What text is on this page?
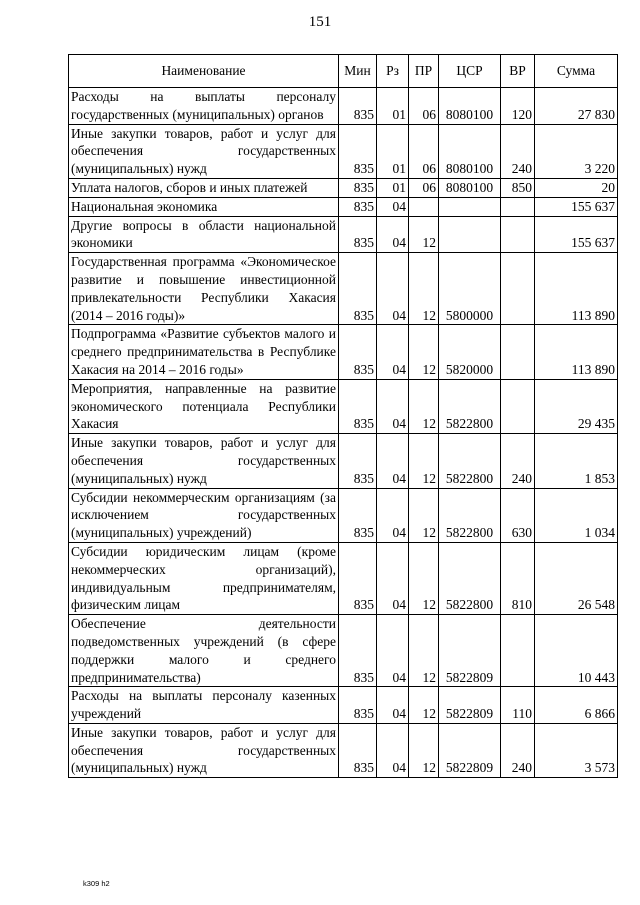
151
Наименование	Мин	Рз	ПР	ЦСР	ВР	Сумма
Расходы на выплаты персоналу государственных (муниципальных) органов	835	01	06	8080100	120	27 830
Иные закупки товаров, работ и услуг для обеспечения государственных (муниципальных) нужд	835	01	06	8080100	240	3 220
Уплата налогов, сборов и иных платежей	835	01	06	8080100	850	20
Национальная экономика	835	04				155 637
Другие вопросы в области национальной экономики	835	04	12			155 637
Государственная программа «Экономическое развитие и повышение инвестиционной привлекательности Республики Хакасия (2014 – 2016 годы)»	835	04	12	5800000		113 890
Подпрограмма «Развитие субъектов малого и среднего предпринимательства в Республике Хакасия на 2014 – 2016 годы»	835	04	12	5820000		113 890
Мероприятия, направленные на развитие экономического потенциала Республики Хакасия	835	04	12	5822800		29 435
Иные закупки товаров, работ и услуг для обеспечения государственных (муниципальных) нужд	835	04	12	5822800	240	1 853
Субсидии некоммерческим организациям (за исключением государственных (муниципальных) учреждений)	835	04	12	5822800	630	1 034
Субсидии юридическим лицам (кроме некоммерческих организаций), индивидуальным предпринимателям, физическим лицам	835	04	12	5822800	810	26 548
Обеспечение деятельности подведомственных учреждений (в сфере поддержки малого и среднего предпринимательства)	835	04	12	5822809		10 443
Расходы на выплаты персоналу казенных учреждений	835	04	12	5822809	110	6 866
Иные закупки товаров, работ и услуг для обеспечения государственных (муниципальных) нужд	835	04	12	5822809	240	3 573
k309 h2
